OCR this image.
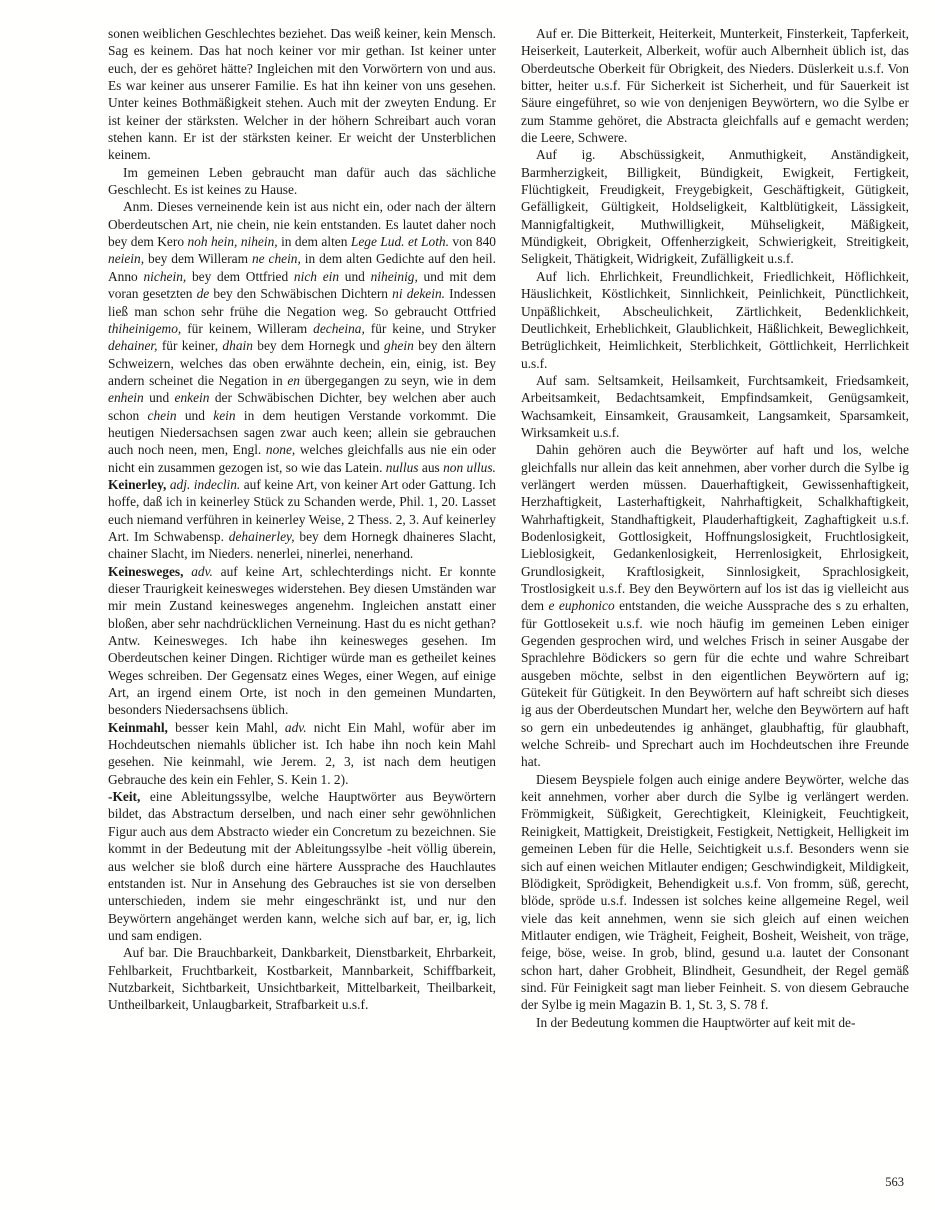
sonen weiblichen Geschlechtes beziehet. Das weiß keiner, kein Mensch. Sag es keinem. Das hat noch keiner vor mir gethan. Ist keiner unter euch, der es gehöret hätte? Ingleichen mit den Vorwörtern von und aus. Es war keiner aus unserer Familie. Es hat ihn keiner von uns gesehen. Unter keines Bothmäßigkeit stehen. Auch mit der zweyten Endung. Er ist keiner der stärksten. Welcher in der höhern Schreibart auch voran stehen kann. Er ist der stärksten keiner. Er weicht der Unsterblichen keinem.

Im gemeinen Leben gebraucht man dafür auch das sächliche Geschlecht. Es ist keines zu Hause.

Anm. Dieses verneinende kein ist aus nicht ein, oder nach der ältern Oberdeutschen Art, nie chein, nie kein entstanden. Es lautet daher noch bey dem Kero noh hein, nihein, in dem alten Lege Lud. et Loth. von 840 neiein, bey dem Willeram ne chein, in dem alten Gedichte auf den heil. Anno nichein, bey dem Ottfried nich ein und niheinig, und mit dem voran gesetzten de bey den Schwäbischen Dichtern ni dekein. Indessen ließ man schon sehr frühe die Negation weg. So gebraucht Ottfried thiheinigemo, für keinem, Willeram decheina, für keine, und Stryker dehainer, für keiner, dhain bey dem Hornegk und ghein bey den ältern Schweizern, welches das oben erwähnte dechein, ein, einig, ist. Bey andern scheinet die Negation in en übergegangen zu seyn, wie in dem enhein und enkein der Schwäbischen Dichter, bey welchen aber auch schon chein und kein in dem heutigen Verstande vorkommt. Die heutigen Niedersachsen sagen zwar auch keen; allein sie gebrauchen auch noch neen, men, Engl. none, welches gleichfalls aus nie ein oder nicht ein zusammen gezogen ist, so wie das Latein. nullus aus non ullus.

Keinerley, adj. indeclin. auf keine Art, von keiner Art oder Gattung. Ich hoffe, daß ich in keinerley Stück zu Schanden werde, Phil. 1, 20. Lasset euch niemand verführen in keinerley Weise, 2 Thess. 2, 3. Auf keinerley Art. Im Schwabensp. dehainerley, bey dem Hornegk dhaineres Slacht, chainer Slacht, im Nieders. nenerlei, ninerlei, nenerhand.

Keinesweges, adv. auf keine Art, schlechterdings nicht. Er konnte dieser Traurigkeit keinesweges widerstehen. Bey diesen Umständen war mir mein Zustand keinesweges angenehm. Ingleichen anstatt einer bloßen, aber sehr nachdrücklichen Verneinung. Hast du es nicht gethan? Antw. Keinesweges. Ich habe ihn keinesweges gesehen. Im Oberdeutschen keiner Dingen. Richtiger würde man es getheilet keines Weges schreiben. Der Gegensatz eines Weges, einer Wegen, auf einige Art, an irgend einem Orte, ist noch in den gemeinen Mundarten, besonders Niedersachsens üblich.

Keinmahl, besser kein Mahl, adv. nicht Ein Mahl, wofür aber im Hochdeutschen niemahls üblicher ist. Ich habe ihn noch kein Mahl gesehen. Nie keinmahl, wie Jerem. 2, 3, ist nach dem heutigen Gebrauche des kein ein Fehler, S. Kein 1. 2).

-Keit, eine Ableitungssylbe, welche Hauptwörter aus Beywörtern bildet, das Abstractum derselben, und nach einer sehr gewöhnlichen Figur auch aus dem Abstracto wieder ein Concretum zu bezeichnen. Sie kommt in der Bedeutung mit der Ableitungssylbe -heit völlig überein, aus welcher sie bloß durch eine härtere Aussprache des Hauchlautes entstanden ist. Nur in Ansehung des Gebrauches ist sie von derselben unterschieden, indem sie mehr eingeschränkt ist, und nur den Beywörtern angehänget werden kann, welche sich auf bar, er, ig, lich und sam endigen.

Auf bar. Die Brauchbarkeit, Dankbarkeit, Dienstbarkeit, Ehrbarkeit, Fehlbarkeit, Fruchtbarkeit, Kostbarkeit, Mannbarkeit, Schiffbarkeit, Nutzbarkeit, Sichtbarkeit, Unsichtbarkeit, Mittelbarkeit, Theilbarkeit, Untheilbarkeit, Unlaugbarkeit, Strafbarkeit u.s.f.

Auf er. Die Bitterkeit, Heiterkeit, Munterkeit, Finsterkeit, Tapferkeit, Heiserkeit, Lauterkeit, Alberkeit, wofür auch Albernheit üblich ist, das Oberdeutsche Oberkeit für Obrigkeit, des Nieders. Düslerkeit u.s.f. Von bitter, heiter u.s.f. Für Sicherkeit ist Sicherheit, und für Sauerkeit ist Säure eingeführet, so wie von denjenigen Beywörtern, wo die Sylbe er zum Stamme gehöret, die Abstracta gleichfalls auf e gemacht werden; die Leere, Schwere.

Auf ig. Abschüssigkeit, Anmuthigkeit, Anständigkeit, Barmherzigkeit, Billigkeit, Bündigkeit, Ewigkeit, Fertigkeit, Flüchtigkeit, Freudigkeit, Freygebigkeit, Geschäftigkeit, Gütigkeit, Gefälligkeit, Gültigkeit, Holdseligkeit, Kaltblütigkeit, Lässigkeit, Mannigfaltigkeit, Muthwilligkeit, Mühseligkeit, Mäßigkeit, Mündigkeit, Obrigkeit, Offenherzigkeit, Schwierigkeit, Streitigkeit, Seligkeit, Thätigkeit, Widrigkeit, Zufälligkeit u.s.f.

Auf lich. Ehrlichkeit, Freundlichkeit, Friedlichkeit, Höflichkeit, Häuslichkeit, Köstlichkeit, Sinnlichkeit, Peinlichkeit, Pünctlichkeit, Unpäßlichkeit, Abscheulichkeit, Zärtlichkeit, Bedenklichkeit, Deutlichkeit, Erheblichkeit, Glaublichkeit, Häßlichkeit, Beweglichkeit, Betrüglichkeit, Heimlichkeit, Sterblichkeit, Göttlichkeit, Herrlichkeit u.s.f.

Auf sam. Seltsamkeit, Heilsamkeit, Furchtsamkeit, Friedsamkeit, Arbeitsamkeit, Bedachtsamkeit, Empfindsamkeit, Genügsamkeit, Wachsamkeit, Einsamkeit, Grausamkeit, Langsamkeit, Sparsamkeit, Wirksamkeit u.s.f.

Dahin gehören auch die Beywörter auf haft und los, welche gleichfalls nur allein das keit annehmen, aber vorher durch die Sylbe ig verlängert werden müssen. Dauerhaftigkeit, Gewissenhaftigkeit, Herzhaftigkeit, Lasterhaftigkeit, Nahrhaftigkeit, Schalkhaftigkeit, Wahrhaftigkeit, Standhaftigkeit, Plauderhaftigkeit, Zaghaftigkeit u.s.f. Bodenlosigkeit, Gottlosigkeit, Hoffnungslosigkeit, Fruchtlosigkeit, Lieblosigkeit, Gedankenlosigkeit, Herrenlosigkeit, Ehrlosigkeit, Grundlosigkeit, Kraftlosigkeit, Sinnlosigkeit, Sprachlosigkeit, Trostlosigkeit u.s.f. Bey den Beywörtern auf los ist das ig vielleicht aus dem e euphonico entstanden, die weiche Aussprache des s zu erhalten, für Gottlosekeit u.s.f. wie noch häufig im gemeinen Leben einiger Gegenden gesprochen wird, und welches Frisch in seiner Ausgabe der Sprachlehre Bödickers so gern für die echte und wahre Schreibart ausgeben möchte, selbst in den eigentlichen Beywörtern auf ig; Gütekeit für Gütigkeit. In den Beywörtern auf haft schreibt sich dieses ig aus der Oberdeutschen Mundart her, welche den Beywörtern auf haft so gern ein unbedeutendes ig anhänget, glaubhaftig, für glaubhaft, welche Schreib- und Sprechart auch im Hochdeutschen ihre Freunde hat.

Diesem Beyspiele folgen auch einige andere Beywörter, welche das keit annehmen, vorher aber durch die Sylbe ig verlängert werden. Frömmigkeit, Süßigkeit, Gerechtigkeit, Kleinigkeit, Feuchtigkeit, Reinigkeit, Mattigkeit, Dreistigkeit, Festigkeit, Nettigkeit, Helligkeit im gemeinen Leben für die Helle, Seichtigkeit u.s.f. Besonders wenn sie sich auf einen weichen Mitlauter endigen; Geschwindigkeit, Mildigkeit, Blödigkeit, Sprödigkeit, Behendigkeit u.s.f. Von fromm, süß, gerecht, blöde, spröde u.s.f. Indessen ist solches keine allgemeine Regel, weil viele das keit annehmen, wenn sie sich gleich auf einen weichen Mitlauter endigen, wie Trägheit, Feigheit, Bosheit, Weisheit, von träge, feige, böse, weise. In grob, blind, gesund u.a. lautet der Consonant schon hart, daher Grobheit, Blindheit, Gesundheit, der Regel gemäß sind. Für Feinigkeit sagt man lieber Feinheit. S. von diesem Gebrauche der Sylbe ig mein Magazin B. 1, St. 3, S. 78 f.

In der Bedeutung kommen die Hauptwörter auf keit mit de-

563
